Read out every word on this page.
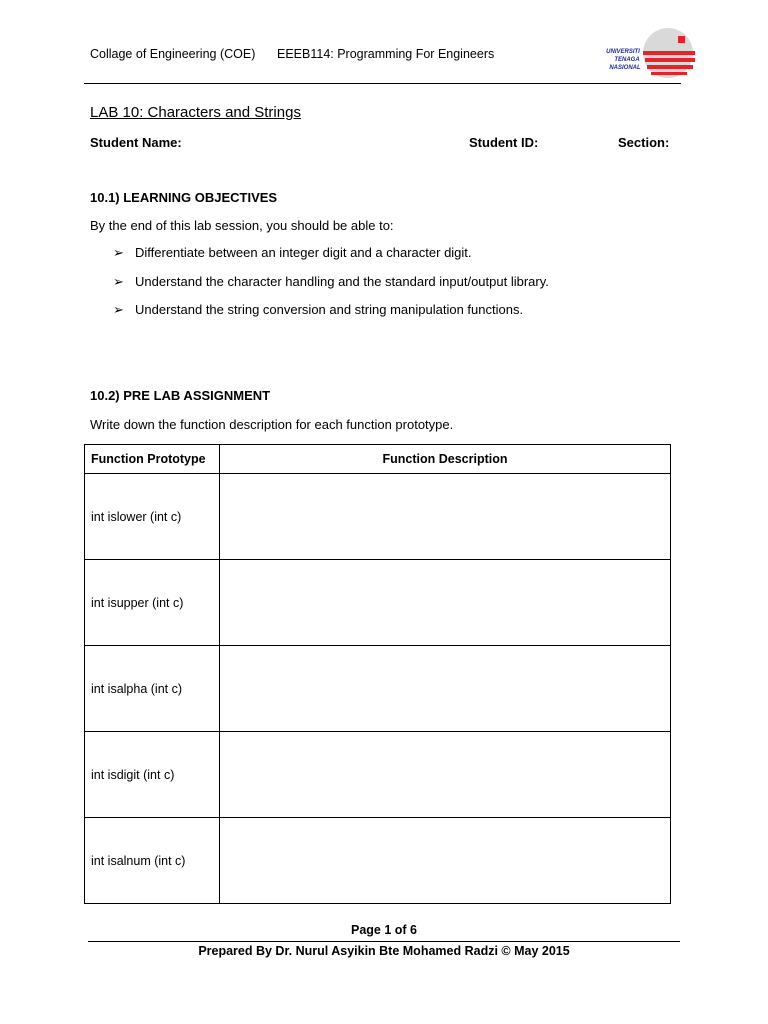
Collage of Engineering (COE) EEEB114: Programming For Engineers	UNIVERSITI
TENAGA
NASIONAL
LAB 10: Characters and Strings
Student Name:	Student ID:	Section:
10.1) LEARNING OBJECTIVES
By the end of this lab session, you should be able to:
➢ Differentiate between an integer digit and a character digit.
➢ Understand the character handling and the standard input/output library.
➢ Understand the string conversion and string manipulation functions.
10.2) PRE LAB ASSIGNMENT
Write down the function description for each function prototype.
Function Prototype	Function Description
int islower (int c)	
int isupper (int c)	
int isalpha (int c)	
int isdigit (int c)	
int isalnum (int c)	
Page 1 of 6
Prepared By Dr. Nurul Asyikin Bte Mohamed Radzi © May 2015
